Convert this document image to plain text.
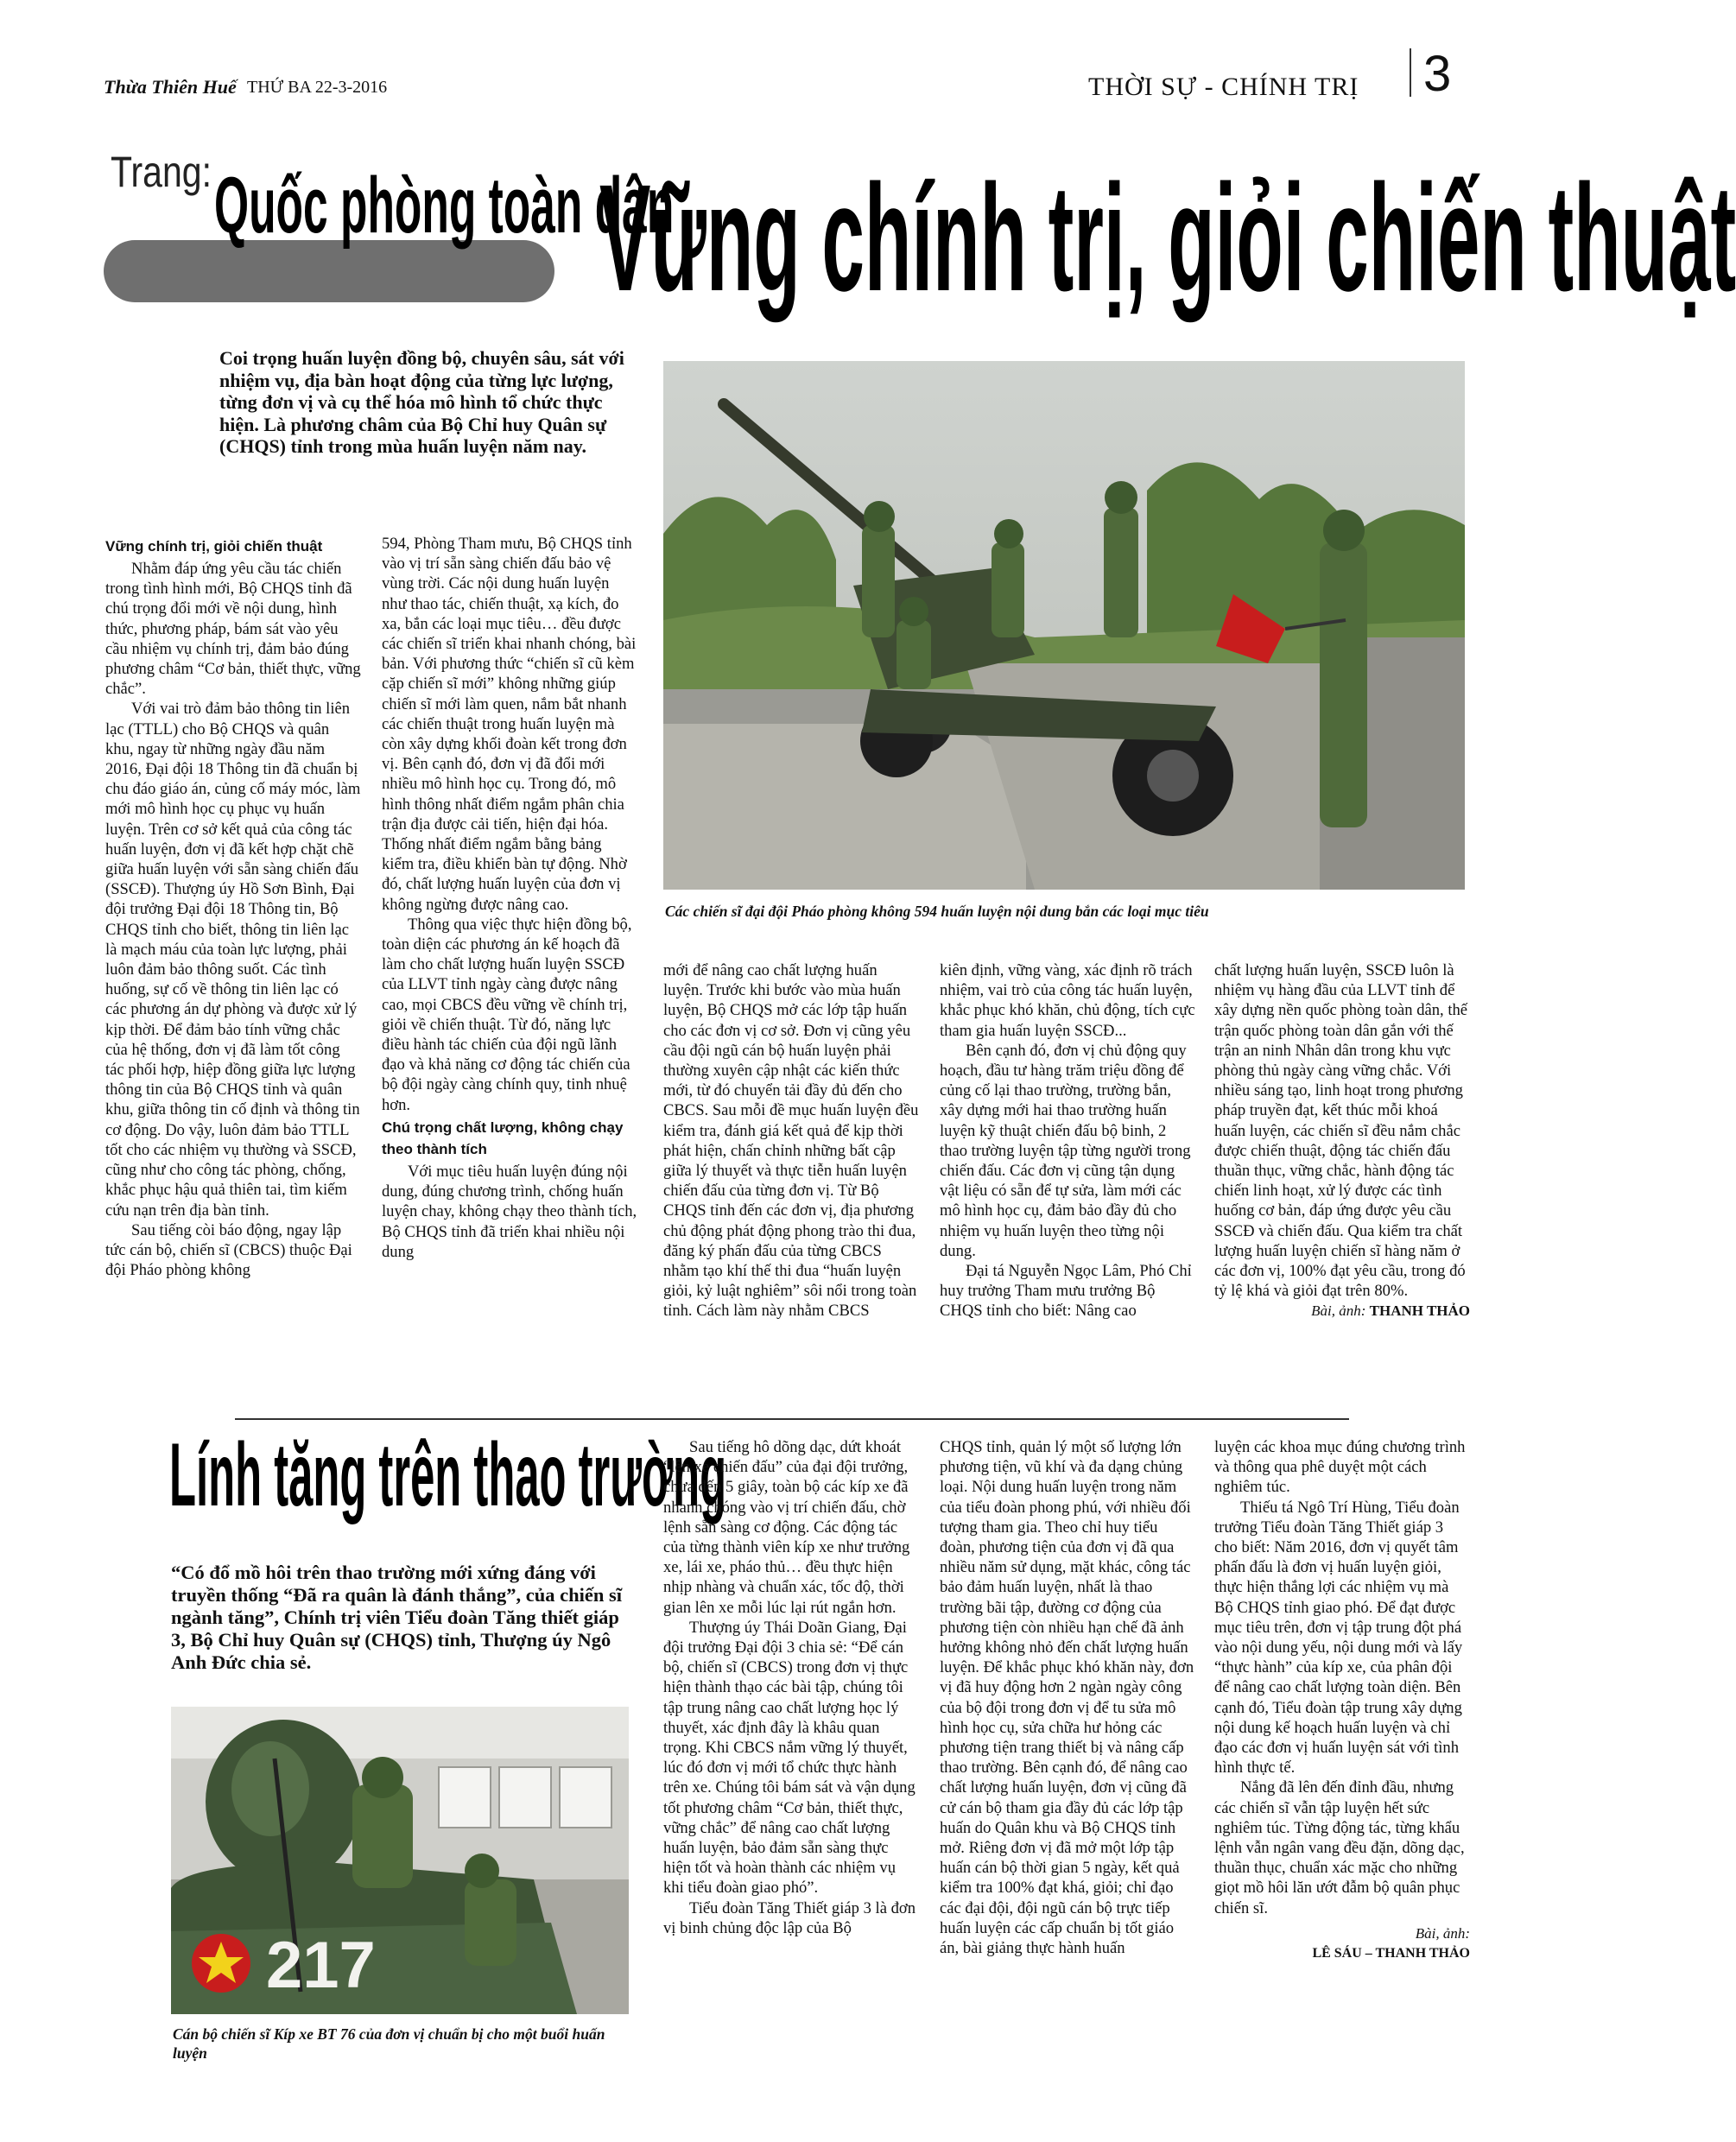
Thừa Thiên Huế THỨ BA 22-3-2016	THỜI SỰ - CHÍNH TRỊ 3
Trang: Quốc phòng toàn dân
Vững chính trị, giỏi chiến thuật
Coi trọng huấn luyện đồng bộ, chuyên sâu, sát với nhiệm vụ, địa bàn hoạt động của từng lực lượng, từng đơn vị và cụ thể hóa mô hình tổ chức thực hiện. Là phương châm của Bộ Chỉ huy Quân sự (CHQS) tỉnh trong mùa huấn luyện năm nay.
Các chiến sĩ đại đội Pháo phòng không 594 huấn luyện nội dung bắn các loại mục tiêu

Vững chính trị, giỏi chiến thuật

Nhằm đáp ứng yêu cầu tác chiến trong tình hình mới, Bộ CHQS tỉnh đã chú trọng đổi mới về nội dung, hình thức, phương pháp, bám sát vào yêu cầu nhiệm vụ chính trị, đảm bảo đúng phương châm “Cơ bản, thiết thực, vững chắc”.

Với vai trò đảm bảo thông tin liên lạc (TTLL) cho Bộ CHQS và quân khu, ngay từ những ngày đầu năm 2016, Đại đội 18 Thông tin đã chuẩn bị chu đáo giáo án, củng cố máy móc, làm mới mô hình học cụ phục vụ huấn luyện. Trên cơ sở kết quả của công tác huấn luyện, đơn vị đã kết hợp chặt chẽ giữa huấn luyện với sẵn sàng chiến đấu (SSCĐ). Thượng úy Hồ Sơn Bình, Đại đội trưởng Đại đội 18 Thông tin, Bộ CHQS tỉnh cho biết, thông tin liên lạc là mạch máu của toàn lực lượng, phải luôn đảm bảo thông suốt. Các tình huống, sự cố về thông tin liên lạc có các phương án dự phòng và được xử lý kịp thời. Để đảm bảo tính vững chắc của hệ thống, đơn vị đã làm tốt công tác phối hợp, hiệp đồng giữa lực lượng thông tin của Bộ CHQS tỉnh và quân khu, giữa thông tin cố định và thông tin cơ động. Do vậy, luôn đảm bảo TTLL tốt cho các nhiệm vụ thường và SSCĐ, cũng như cho công tác phòng, chống, khắc phục hậu quả thiên tai, tìm kiếm cứu nạn trên địa bàn tỉnh.

Sau tiếng còi báo động, ngay lập tức cán bộ, chiến sĩ (CBCS) thuộc Đại đội Pháo phòng không

594, Phòng Tham mưu, Bộ CHQS tỉnh vào vị trí sẵn sàng chiến đấu bảo vệ vùng trời. Các nội dung huấn luyện như thao tác, chiến thuật, xạ kích, đo xa, bắn các loại mục tiêu… đều được các chiến sĩ triển khai nhanh chóng, bài bản. Với phương thức “chiến sĩ cũ kèm cặp chiến sĩ mới” không những giúp chiến sĩ mới làm quen, nắm bắt nhanh các chiến thuật trong huấn luyện mà còn xây dựng khối đoàn kết trong đơn vị. Bên cạnh đó, đơn vị đã đổi mới nhiều mô hình học cụ. Trong đó, mô hình thông nhất điểm ngắm phân chia trận địa được cải tiến, hiện đại hóa. Thống nhất điểm ngắm bằng bảng kiểm tra, điều khiển bàn tự động. Nhờ đó, chất lượng huấn luyện của đơn vị không ngừng được nâng cao.

Thông qua việc thực hiện đồng bộ, toàn diện các phương án kế hoạch đã làm cho chất lượng huấn luyện SSCĐ của LLVT tỉnh ngày càng được nâng cao, mọi CBCS đều vững về chính trị, giỏi về chiến thuật. Từ đó, năng lực điều hành tác chiến của đội ngũ lãnh đạo và khả năng cơ động tác chiến của bộ đội ngày càng chính quy, tinh nhuệ hơn.

Chú trọng chất lượng, không chạy theo thành tích

Với mục tiêu huấn luyện đúng nội dung, đúng chương trình, chống huấn luyện chay, không chạy theo thành tích, Bộ CHQS tỉnh đã triển khai nhiều nội dung

mới để nâng cao chất lượng huấn luyện. Trước khi bước vào mùa huấn luyện, Bộ CHQS mở các lớp tập huấn cho các đơn vị cơ sở. Đơn vị cũng yêu cầu đội ngũ cán bộ huấn luyện phải thường xuyên cập nhật các kiến thức mới, từ đó chuyển tải đầy đủ đến cho CBCS. Sau mỗi đề mục huấn luyện đều kiểm tra, đánh giá kết quả để kịp thời phát hiện, chấn chỉnh những bất cập giữa lý thuyết và thực tiễn huấn luyện chiến đấu của từng đơn vị. Từ Bộ CHQS tỉnh đến các đơn vị, địa phương chủ động phát động phong trào thi đua, đăng ký phấn đấu của từng CBCS nhằm tạo khí thế thi đua “huấn luyện giỏi, kỷ luật nghiêm” sôi nổi trong toàn tỉnh. Cách làm này nhằm CBCS

kiên định, vững vàng, xác định rõ trách nhiệm, vai trò của công tác huấn luyện, khắc phục khó khăn, chủ động, tích cực tham gia huấn luyện SSCĐ...

Bên cạnh đó, đơn vị chủ động quy hoạch, đầu tư hàng trăm triệu đồng để củng cố lại thao trường, trường bắn, xây dựng mới hai thao trường huấn luyện kỹ thuật chiến đấu bộ binh, 2 thao trường luyện tập từng người trong chiến đấu. Các đơn vị cũng tận dụng vật liệu có sẵn để tự sửa, làm mới các mô hình học cụ, đảm bảo đầy đủ cho nhiệm vụ huấn luyện theo từng nội dung.

Đại tá Nguyễn Ngọc Lâm, Phó Chỉ huy trưởng Tham mưu trưởng Bộ CHQS tỉnh cho biết: Nâng cao

chất lượng huấn luyện, SSCĐ luôn là nhiệm vụ hàng đầu của LLVT tỉnh để xây dựng nền quốc phòng toàn dân, thế trận quốc phòng toàn dân gắn với thế trận an ninh Nhân dân trong khu vực phòng thủ ngày càng vững chắc. Với nhiều sáng tạo, linh hoạt trong phương pháp truyền đạt, kết thúc mỗi khoá huấn luyện, các chiến sĩ đều nắm chắc được chiến thuật, động tác chiến đấu thuần thục, vững chắc, hành động tác chiến linh hoạt, xử lý được các tình huống cơ bản, đáp ứng được yêu cầu SSCĐ và chiến đấu. Qua kiểm tra chất lượng huấn luyện chiến sĩ hàng năm ở các đơn vị, 100% đạt yêu cầu, trong đó tỷ lệ khá và giỏi đạt trên 80%.

Bài, ảnh: THANH THẢO

Lính tăng trên thao trường
“Có đổ mồ hôi trên thao trường mới xứng đáng với truyền thống “Đã ra quân là đánh thắng”, của chiến sĩ ngành tăng”, Chính trị viên Tiểu đoàn Tăng thiết giáp 3, Bộ Chỉ huy Quân sự (CHQS) tỉnh, Thượng úy Ngô Anh Đức chia sẻ.
217
Cán bộ chiến sĩ Kíp xe BT 76 của đơn vị chuẩn bị cho một buổi huấn luyện

Sau tiếng hô dõng dạc, dứt khoát “lên xe chiến đấu” của đại đội trưởng, chưa đến 5 giây, toàn bộ các kíp xe đã nhanh chóng vào vị trí chiến đấu, chờ lệnh sẵn sàng cơ động. Các động tác của từng thành viên kíp xe như trưởng xe, lái xe, pháo thủ… đều thực hiện nhịp nhàng và chuẩn xác, tốc độ, thời gian lên xe mỗi lúc lại rút ngắn hơn.

Thượng úy Thái Doãn Giang, Đại đội trưởng Đại đội 3 chia sẻ: “Để cán bộ, chiến sĩ (CBCS) trong đơn vị thực hiện thành thạo các bài tập, chúng tôi tập trung nâng cao chất lượng học lý thuyết, xác định đây là khâu quan trọng. Khi CBCS nắm vững lý thuyết, lúc đó đơn vị mới tổ chức thực hành trên xe. Chúng tôi bám sát và vận dụng tốt phương châm “Cơ bản, thiết thực, vững chắc” để nâng cao chất lượng huấn luyện, bảo đảm sẵn sàng thực hiện tốt và hoàn thành các nhiệm vụ khi tiểu đoàn giao phó”.

Tiểu đoàn Tăng Thiết giáp 3 là đơn vị binh chủng độc lập của Bộ

CHQS tỉnh, quản lý một số lượng lớn phương tiện, vũ khí và đa dạng chủng loại. Nội dung huấn luyện trong năm của tiểu đoàn phong phú, với nhiều đối tượng tham gia. Theo chỉ huy tiểu đoàn, phương tiện của đơn vị đã qua nhiều năm sử dụng, mặt khác, công tác bảo đảm huấn luyện, nhất là thao trường bãi tập, đường cơ động của phương tiện còn nhiều hạn chế đã ảnh hưởng không nhỏ đến chất lượng huấn luyện. Để khắc phục khó khăn này, đơn vị đã huy động hơn 2 ngàn ngày công của bộ đội trong đơn vị để tu sửa mô hình học cụ, sửa chữa hư hỏng các phương tiện trang thiết bị và nâng cấp thao trường. Bên cạnh đó, để nâng cao chất lượng huấn luyện, đơn vị cũng đã cử cán bộ tham gia đầy đủ các lớp tập huấn do Quân khu và Bộ CHQS tỉnh mở. Riêng đơn vị đã mở một lớp tập huấn cán bộ thời gian 5 ngày, kết quả kiểm tra 100% đạt khá, giỏi; chỉ đạo các đại đội, đội ngũ cán bộ trực tiếp huấn luyện các cấp chuẩn bị tốt giáo án, bài giảng thực hành huấn

luyện các khoa mục đúng chương trình và thông qua phê duyệt một cách nghiêm túc.

Thiếu tá Ngô Trí Hùng, Tiểu đoàn trưởng Tiểu đoàn Tăng Thiết giáp 3 cho biết: Năm 2016, đơn vị quyết tâm phấn đấu là đơn vị huấn luyện giỏi, thực hiện thắng lợi các nhiệm vụ mà Bộ CHQS tỉnh giao phó. Để đạt được mục tiêu trên, đơn vị tập trung đột phá vào nội dung yếu, nội dung mới và lấy “thực hành” của kíp xe, của phân đội để nâng cao chất lượng toàn diện. Bên cạnh đó, Tiểu đoàn tập trung xây dựng nội dung kế hoạch huấn luyện và chỉ đạo các đơn vị huấn luyện sát với tình hình thực tế.

Nắng đã lên đến đỉnh đầu, nhưng các chiến sĩ vẫn tập luyện hết sức nghiêm túc. Từng động tác, từng khẩu lệnh vẫn ngân vang đều đặn, dõng dạc, thuần thục, chuẩn xác mặc cho những giọt mồ hôi lăn ướt đẫm bộ quân phục chiến sĩ.

Bài, ảnh:

LÊ SÁU – THANH THẢO
